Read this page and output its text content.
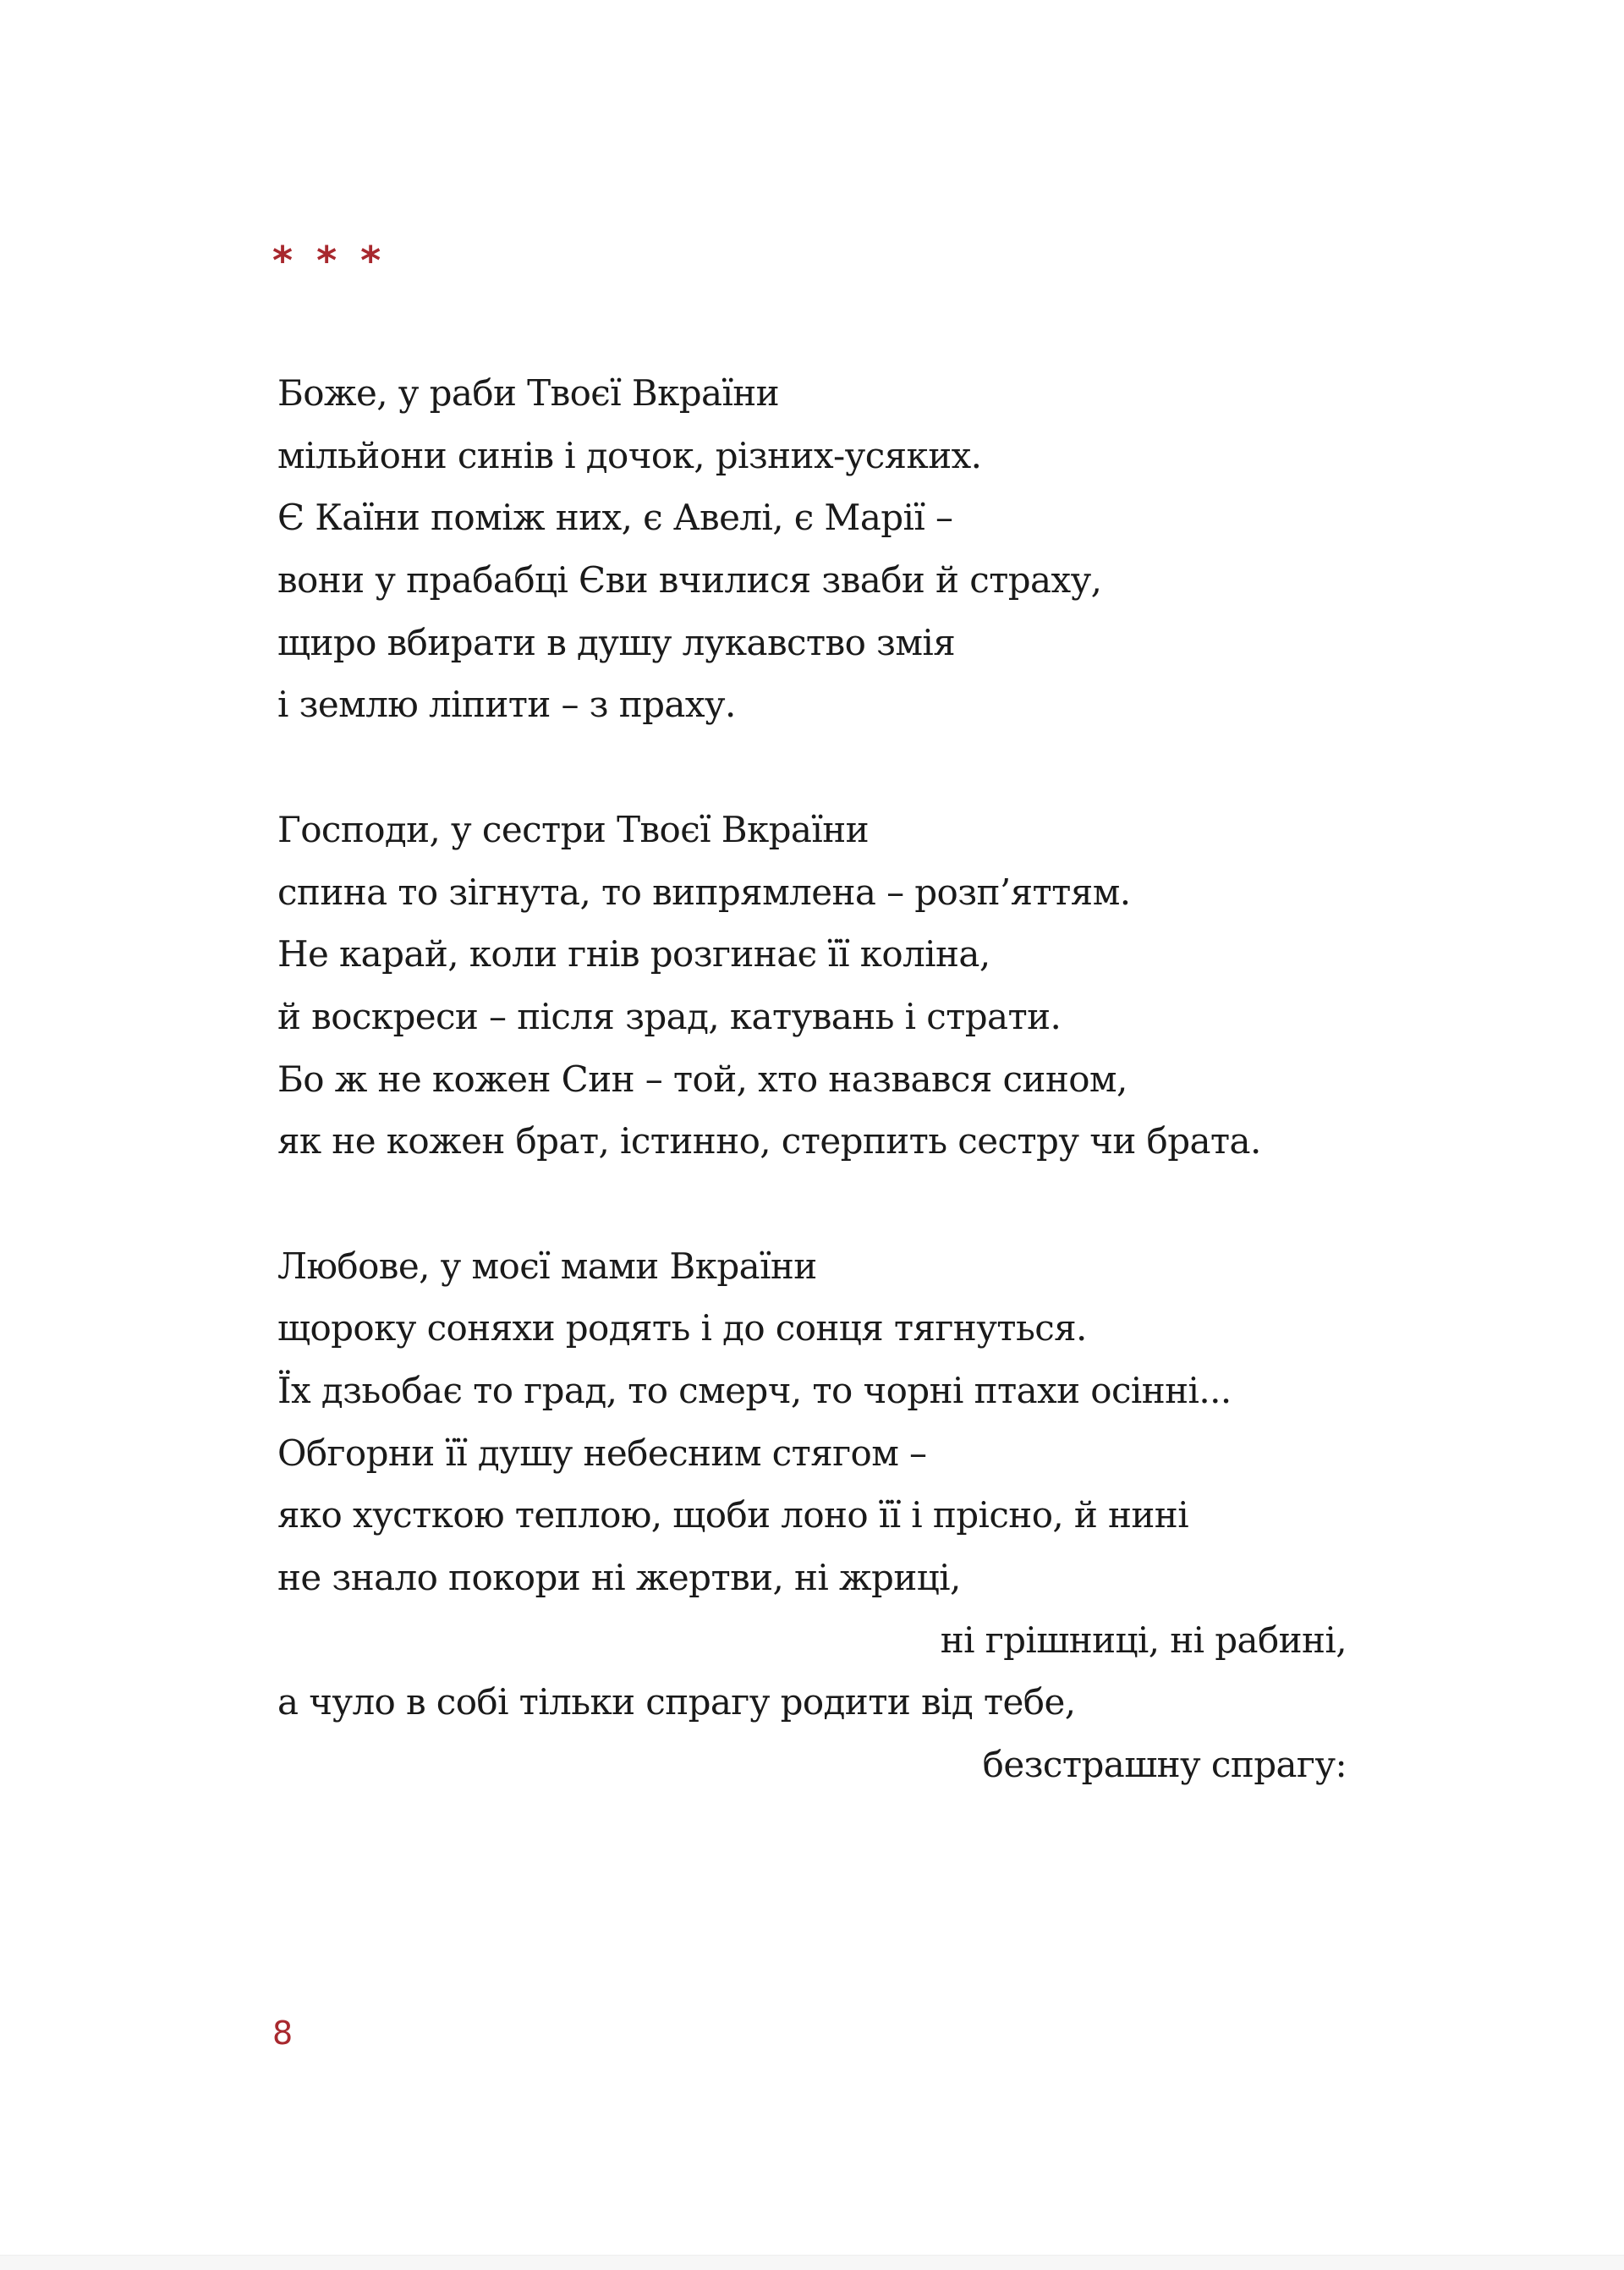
* * *
Боже, у раби Твоєї Вкраїни
мільйони синів і дочок, різних-усяких.
Є Каїни поміж них, є Авелі, є Марії –
вони у прабабці Єви вчилися зваби й страху,
щиро вбирати в душу лукавство змія
і землю ліпити – з праху.
Господи, у сестри Твоєї Вкраїни
спина то зігнута, то випрямлена – розп’яттям.
Не карай, коли гнів розгинає її коліна,
й воскреси – після зрад, катувань і страти.
Бо ж не кожен Син – той, хто назвався сином,
як не кожен брат, істинно, стерпить сестру чи брата.
Любове, у моєї мами Вкраїни
щороку соняхи родять і до сонця тягнуться.
Їх дзьобає то град, то смерч, то чорні птахи осінні...
Обгорни її душу небесним стягом –
яко хусткою теплою, щоби лоно її і прісно, й нині
не знало покори ні жертви, ні жриці,
ні грішниці, ні рабині,
а чуло в собі тільки спрагу родити від тебе,
безстрашну спрагу:
8
